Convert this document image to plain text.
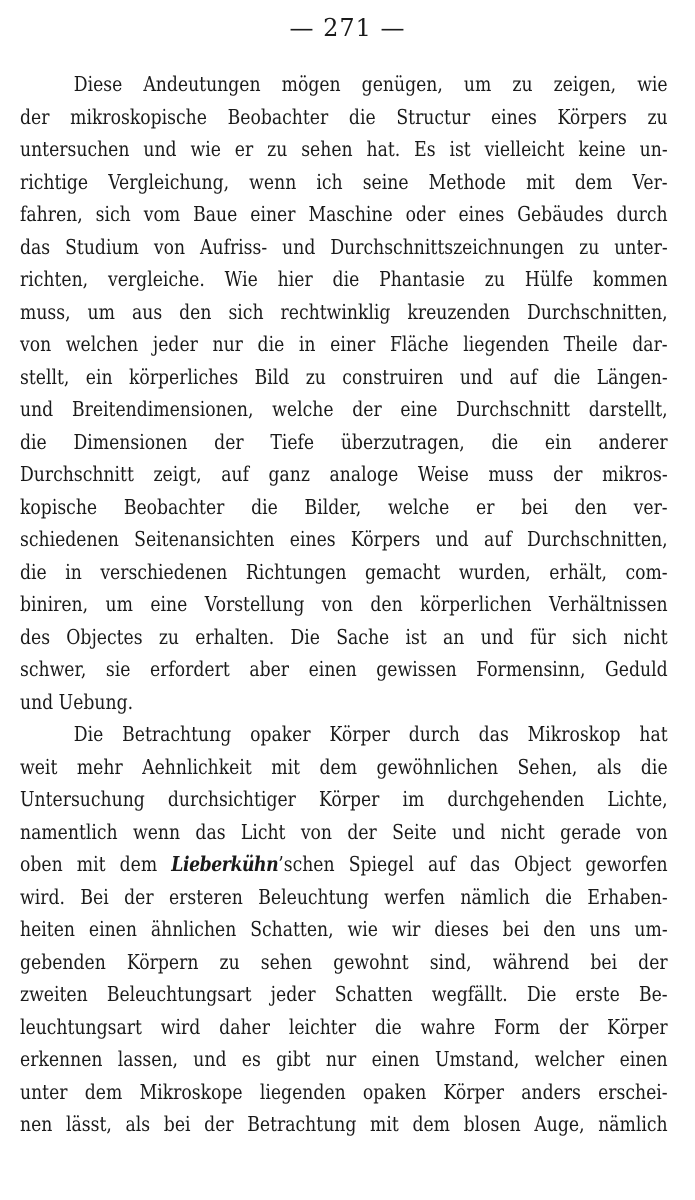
— 271 —
Diese Andeutungen mögen genügen, um zu zeigen, wie
der mikroskopische Beobachter die Structur eines Körpers zu
untersuchen und wie er zu sehen hat. Es ist vielleicht keine un-
richtige Vergleichung, wenn ich seine Methode mit dem Ver-
fahren, sich vom Baue einer Maschine oder eines Gebäudes durch
das Studium von Aufriss- und Durchschnittszeichnungen zu unter-
richten, vergleiche. Wie hier die Phantasie zu Hülfe kommen
muss, um aus den sich rechtwinklig kreuzenden Durchschnitten,
von welchen jeder nur die in einer Fläche liegenden Theile dar-
stellt, ein körperliches Bild zu construiren und auf die Längen-
und Breitendimensionen, welche der eine Durchschnitt darstellt,
die Dimensionen der Tiefe überzutragen, die ein anderer
Durchschnitt zeigt, auf ganz analoge Weise muss der mikros-
kopische Beobachter die Bilder, welche er bei den ver-
schiedenen Seitenansichten eines Körpers und auf Durchschnitten,
die in verschiedenen Richtungen gemacht wurden, erhält, com-
biniren, um eine Vorstellung von den körperlichen Verhältnissen
des Objectes zu erhalten. Die Sache ist an und für sich nicht
schwer, sie erfordert aber einen gewissen Formensinn, Geduld
und Uebung.
Die Betrachtung opaker Körper durch das Mikroskop hat
weit mehr Aehnlichkeit mit dem gewöhnlichen Sehen, als die
Untersuchung durchsichtiger Körper im durchgehenden Lichte,
namentlich wenn das Licht von der Seite und nicht gerade von
oben mit dem Lieberkühn’schen Spiegel auf das Object geworfen
wird. Bei der ersteren Beleuchtung werfen nämlich die Erhaben-
heiten einen ähnlichen Schatten, wie wir dieses bei den uns um-
gebenden Körpern zu sehen gewohnt sind, während bei der
zweiten Beleuchtungsart jeder Schatten wegfällt. Die erste Be-
leuchtungsart wird daher leichter die wahre Form der Körper
erkennen lassen, und es gibt nur einen Umstand, welcher einen
unter dem Mikroskope liegenden opaken Körper anders erschei-
nen lässt, als bei der Betrachtung mit dem blosen Auge, nämlich
